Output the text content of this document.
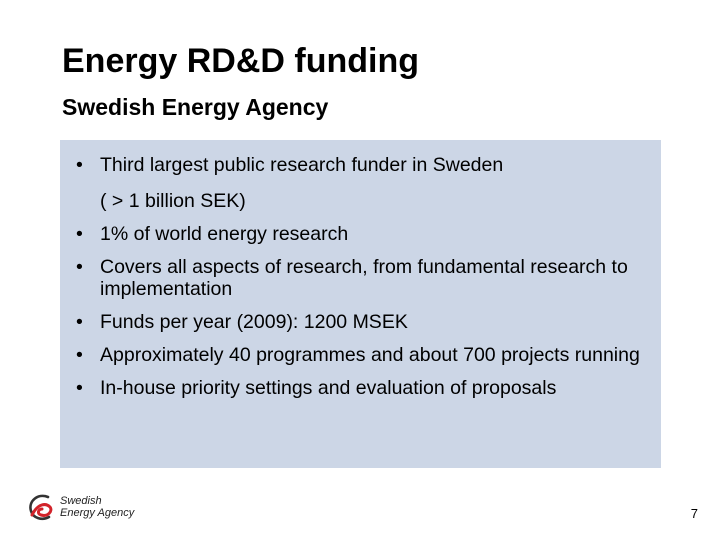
Energy RD&D funding
Swedish Energy Agency
• Third largest public research funder in Sweden
( > 1 billion SEK)
• 1% of world energy research
• Covers all aspects of research, from fundamental research to implementation
• Funds per year (2009): 1200 MSEK
• Approximately 40 programmes and about 700 projects running
• In-house priority settings and evaluation of proposals
Swedish
Energy Agency	7
